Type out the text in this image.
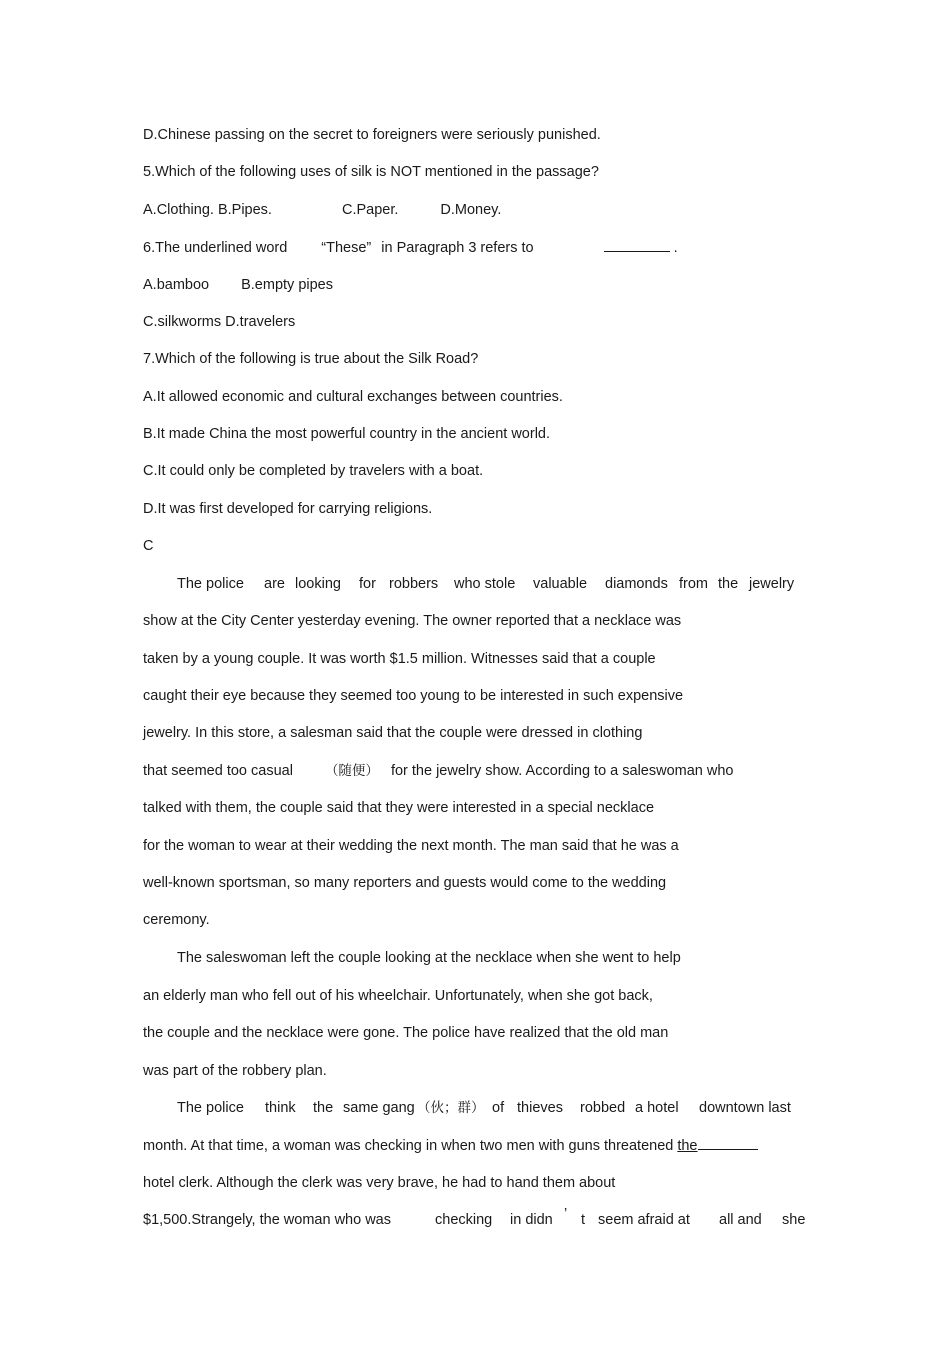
D.Chinese passing on the secret to foreigners were seriously punished.
5.Which of the following uses of silk is NOT mentioned in the passage?
A.Clothing. B.Pipes.	C.Paper.	D.Money.
6.The underlined word “These” in Paragraph 3 refers to	.
A.bamboo B.empty pipes
C.silkworms D.travelers
7.Which of the following is true about the Silk Road?
A.It allowed economic and cultural exchanges between countries.
B.It made China the most powerful country in the ancient world.
C.It could only be completed by travelers with a boat.
D.It was first developed for carrying religions.
C
The police are looking for robbers who stole valuable diamonds from the jewelry
show at the City Center yesterday evening. The owner reported that a necklace was
taken by a young couple. It was worth $1.5 million. Witnesses said that a couple
caught their eye because they seemed too young to be interested in such expensive
jewelry. In this store, a salesman said that the couple were dressed in clothing
that seemed too casual （随便） for the jewelry show. According to a saleswoman who
talked with them, the couple said that they were interested in a special necklace
for the woman to wear at their wedding the next month. The man said that he was a
well-known sportsman, so many reporters and guests would come to the wedding
ceremony.
The saleswoman left the couple looking at the necklace when she went to help
an elderly man who fell out of his wheelchair. Unfortunately, when she got back,
the couple and the necklace were gone. The police have realized that the old man
was part of the robbery plan.
The police think the same gang （伙；群） of thieves robbed a hotel downtown last
month. At that time, a woman was checking in when two men with guns threatened the
hotel clerk. Although the clerk was very brave, he had to hand them about
$1,500.Strangely, the woman who was	checking in didn ’ t seem afraid at all and she
